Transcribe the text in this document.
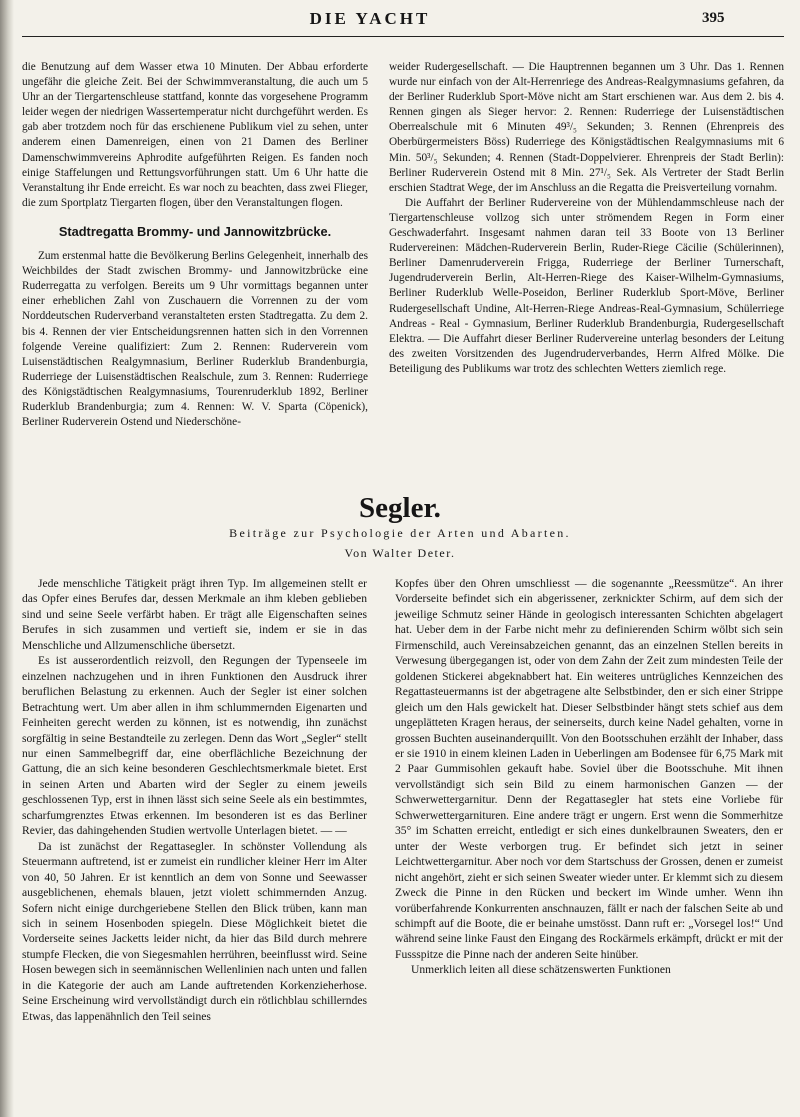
DIE YACHT	395

die Benutzung auf dem Wasser etwa 10 Minuten. Der Abbau erforderte ungefähr die gleiche Zeit. Bei der Schwimmveranstaltung, die auch um 5 Uhr an der Tiergartenschleuse stattfand, konnte das vorgesehene Programm leider wegen der niedrigen Wassertemperatur nicht durchgeführt werden. Es gab aber trotzdem noch für das erschienene Publikum viel zu sehen, unter anderem einen Damenreigen, einen von 21 Damen des Berliner Damenschwimmvereins Aphrodite aufgeführten Reigen. Es fanden noch einige Staffelungen und Rettungsvorführungen statt. Um 6 Uhr hatte die Veranstaltung ihr Ende erreicht. Es war noch zu beachten, dass zwei Flieger, die zum Sportplatz Tiergarten flogen, über den Veranstaltungen flogen.

Stadtregatta Brommy- und Jannowitzbrücke.

Zum erstenmal hatte die Bevölkerung Berlins Gelegenheit, innerhalb des Weichbildes der Stadt zwischen Brommy- und Jannowitzbrücke eine Ruderregatta zu verfolgen. Bereits um 9 Uhr vormittags begannen unter einer erheblichen Zahl von Zuschauern die Vorrennen zu der vom Norddeutschen Ruderverband veranstalteten ersten Stadtregatta. Zu dem 2. bis 4. Rennen der vier Entscheidungsrennen hatten sich in den Vorrennen folgende Vereine qualifiziert: Zum 2. Rennen: Ruderverein vom Luisenstädtischen Realgymnasium, Berliner Ruderklub Brandenburgia, Ruderriege der Luisenstädtischen Realschule, zum 3. Rennen: Ruderriege des Königstädtischen Realgymnasiums, Tourenruderklub 1892, Berliner Ruderklub Brandenburgia; zum 4. Rennen: W. V. Sparta (Cöpenick), Berliner Ruderverein Ostend und Niederschöne-

weider Rudergesellschaft. — Die Hauptrennen begannen um 3 Uhr. Das 1. Rennen wurde nur einfach von der Alt-Herrenriege des Andreas-Realgymnasiums gefahren, da der Berliner Ruderklub Sport-Möve nicht am Start erschienen war. Aus dem 2. bis 4. Rennen gingen als Sieger hervor: 2. Rennen: Ruderriege der Luisenstädtischen Oberrealschule mit 6 Minuten 49³/₅ Sekunden; 3. Rennen (Ehrenpreis des Oberbürgermeisters Böss) Ruderriege des Königstädtischen Realgymnasiums mit 6 Min. 50³/₅ Sekunden; 4. Rennen (Stadt-Doppelvierer. Ehrenpreis der Stadt Berlin): Berliner Ruderverein Ostend mit 8 Min. 27¹/₅ Sek. Als Vertreter der Stadt Berlin erschien Stadtrat Wege, der im Anschluss an die Regatta die Preisverteilung vornahm.

Die Auffahrt der Berliner Rudervereine von der Mühlendammschleuse nach der Tiergartenschleuse vollzog sich unter strömendem Regen in Form einer Geschwaderfahrt. Insgesamt nahmen daran teil 33 Boote von 13 Berliner Rudervereinen: Mädchen-Ruderverein Berlin, Ruder-Riege Cäcilie (Schülerinnen), Berliner Damenruderverein Frigga, Ruderriege der Berliner Turnerschaft, Jugendruderverein Berlin, Alt-Herren-Riege des Kaiser-Wilhelm-Gymnasiums, Berliner Ruderklub Welle-Poseidon, Berliner Ruderklub Sport-Möve, Berliner Rudergesellschaft Undine, Alt-Herren-Riege Andreas-Real-Gymnasium, Schülerriege Andreas - Real - Gymnasium, Berliner Ruderklub Brandenburgia, Rudergesellschaft Elektra. — Die Auffahrt dieser Berliner Rudervereine unterlag besonders der Leitung des zweiten Vorsitzenden des Jugendruderverbandes, Herrn Alfred Mölke. Die Beteiligung des Publikums war trotz des schlechten Wetters ziemlich rege.

Segler.
Beiträge zur Psychologie der Arten und Abarten.
Von Walter Deter.

Jede menschliche Tätigkeit prägt ihren Typ. Im allgemeinen stellt er das Opfer eines Berufes dar, dessen Merkmale an ihm kleben geblieben sind und seine Seele verfärbt haben. Er trägt alle Eigenschaften seines Berufes in sich zusammen und vertieft sie, indem er sie in das Menschliche und Allzumenschliche übersetzt.

Es ist ausserordentlich reizvoll, den Regungen der Typenseele im einzelnen nachzugehen und in ihren Funktionen den Ausdruck ihrer beruflichen Belastung zu erkennen. Auch der Segler ist einer solchen Betrachtung wert. Um aber allen in ihm schlummernden Eigenarten und Feinheiten gerecht werden zu können, ist es notwendig, ihn zunächst sorgfältig in seine Bestandteile zu zerlegen. Denn das Wort „Segler“ stellt nur einen Sammelbegriff dar, eine oberflächliche Bezeichnung der Gattung, die an sich keine besonderen Geschlechtsmerkmale bietet. Erst in seinen Arten und Abarten wird der Segler zu einem jeweils geschlossenen Typ, erst in ihnen lässt sich seine Seele als ein bestimmtes, scharfumgrenztes Etwas erkennen. Im besonderen ist es das Berliner Revier, das dahingehenden Studien wertvolle Unterlagen bietet. — —

Da ist zunächst der Regattasegler. In schönster Vollendung als Steuermann auftretend, ist er zumeist ein rundlicher kleiner Herr im Alter von 40, 50 Jahren. Er ist kenntlich an dem von Sonne und Seewasser ausgeblichenen, ehemals blauen, jetzt violett schimmernden Anzug. Sofern nicht einige durchgeriebene Stellen den Blick trüben, kann man sich in seinem Hosenboden spiegeln. Diese Möglichkeit bietet die Vorderseite seines Jacketts leider nicht, da hier das Bild durch mehrere stumpfe Flecken, die von Siegesmahlen herrühren, beeinflusst wird. Seine Hosen bewegen sich in seemännischen Wellenlinien nach unten und fallen in die Kategorie der auch am Lande auftretenden Korkenzieherhose. Seine Erscheinung wird vervollständigt durch ein rötlichblau schillerndes Etwas, das lappenähnlich den Teil seines

Kopfes über den Ohren umschliesst — die sogenannte „Reessmütze“. An ihrer Vorderseite befindet sich ein abgerissener, zerknickter Schirm, auf dem sich der jeweilige Schmutz seiner Hände in geologisch interessanten Schichten abgelagert hat. Ueber dem in der Farbe nicht mehr zu definierenden Schirm wölbt sich sein Firmenschild, auch Vereinsabzeichen genannt, das an einzelnen Stellen bereits in Verwesung übergegangen ist, oder von dem Zahn der Zeit zum mindesten Teile der goldenen Stickerei abgeknabbert hat. Ein weiteres untrügliches Kennzeichen des Regattasteuermanns ist der abgetragene alte Selbstbinder, den er sich einer Strippe gleich um den Hals gewickelt hat. Dieser Selbstbinder hängt stets schief aus dem ungeplätteten Kragen heraus, der seinerseits, durch keine Nadel gehalten, vorne in grossen Buchten auseinanderquillt. Von den Bootsschuhen erzählt der Inhaber, dass er sie 1910 in einem kleinen Laden in Ueberlingen am Bodensee für 6,75 Mark mit 2 Paar Gummisohlen gekauft habe. Soviel über die Bootsschuhe. Mit ihnen vervollständigt sich sein Bild zu einem harmonischen Ganzen — der Schwerwettergarnitur. Denn der Regattasegler hat stets eine Vorliebe für Schwerwettergarnituren. Eine andere trägt er ungern. Erst wenn die Sommerhitze 35° im Schatten erreicht, entledigt er sich eines dunkelbraunen Sweaters, den er unter der Weste verborgen trug. Er befindet sich jetzt in seiner Leichtwettergarnitur. Aber noch vor dem Startschuss der Grossen, denen er zumeist nicht angehört, zieht er sich seinen Sweater wieder unter. Er klemmt sich zu diesem Zweck die Pinne in den Rücken und beckert im Winde umher. Wenn ihn vorüberfahrende Konkurrenten anschnauzen, fällt er nach der falschen Seite ab und schimpft auf die Boote, die er beinahe umstösst. Dann ruft er: „Vorsegel los!“ Und während seine linke Faust den Eingang des Rockärmels erkämpft, drückt er mit der Fussspitze die Pinne nach der anderen Seite hinüber.

Unmerklich leiten all diese schätzenswerten Funktionen
